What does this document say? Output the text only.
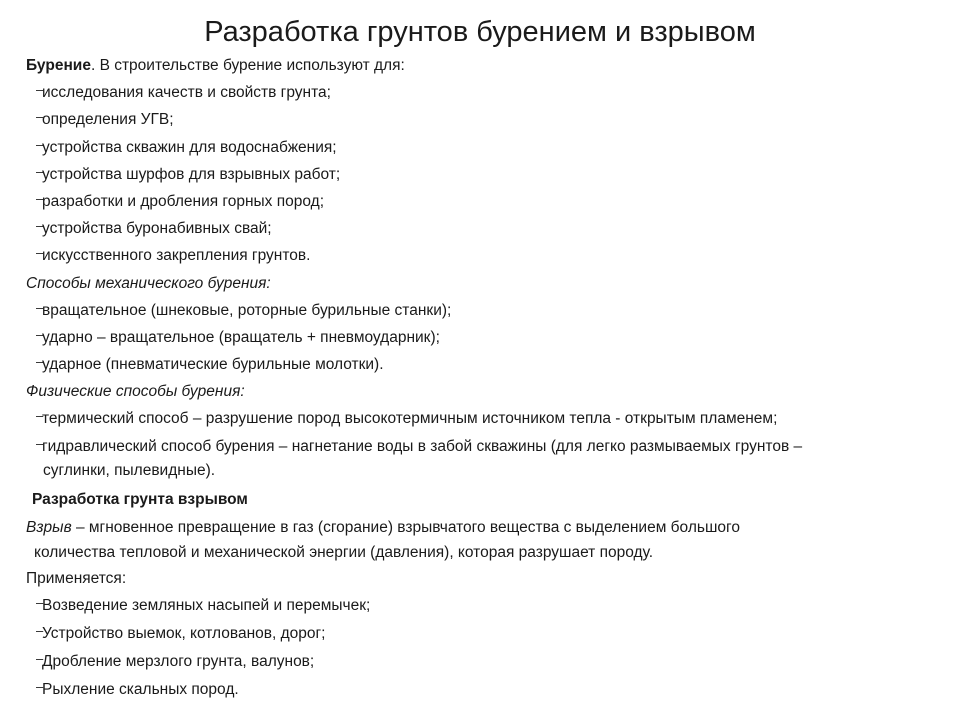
Разработка грунтов бурением и взрывом
Бурение. В строительстве бурение используют для:
–исследования качеств и свойств грунта;
–определения УГВ;
–устройства скважин для водоснабжения;
–устройства шурфов для взрывных работ;
–разработки и дробления горных пород;
–устройства буронабивных свай;
–искусственного закрепления грунтов.
Способы механического бурения:
–вращательное (шнековые, роторные бурильные станки);
–ударно – вращательное (вращатель + пневмоударник);
–ударное (пневматические бурильные молотки).
Физические способы бурения:
–термический способ – разрушение пород высокотермичным источником тепла - открытым пламенем;
–гидравлический способ бурения – нагнетание воды в забой скважины (для легко размываемых грунтов –
суглинки, пылевидные).
Разработка грунта взрывом
Взрыв – мгновенное превращение в газ (сгорание) взрывчатого вещества с выделением большого
количества тепловой и механической энергии (давления), которая разрушает породу.
Применяется:
–Возведение земляных насыпей и перемычек;
–Устройство выемок, котлованов, дорог;
–Дробление мерзлого грунта, валунов;
–Рыхление скальных пород.
